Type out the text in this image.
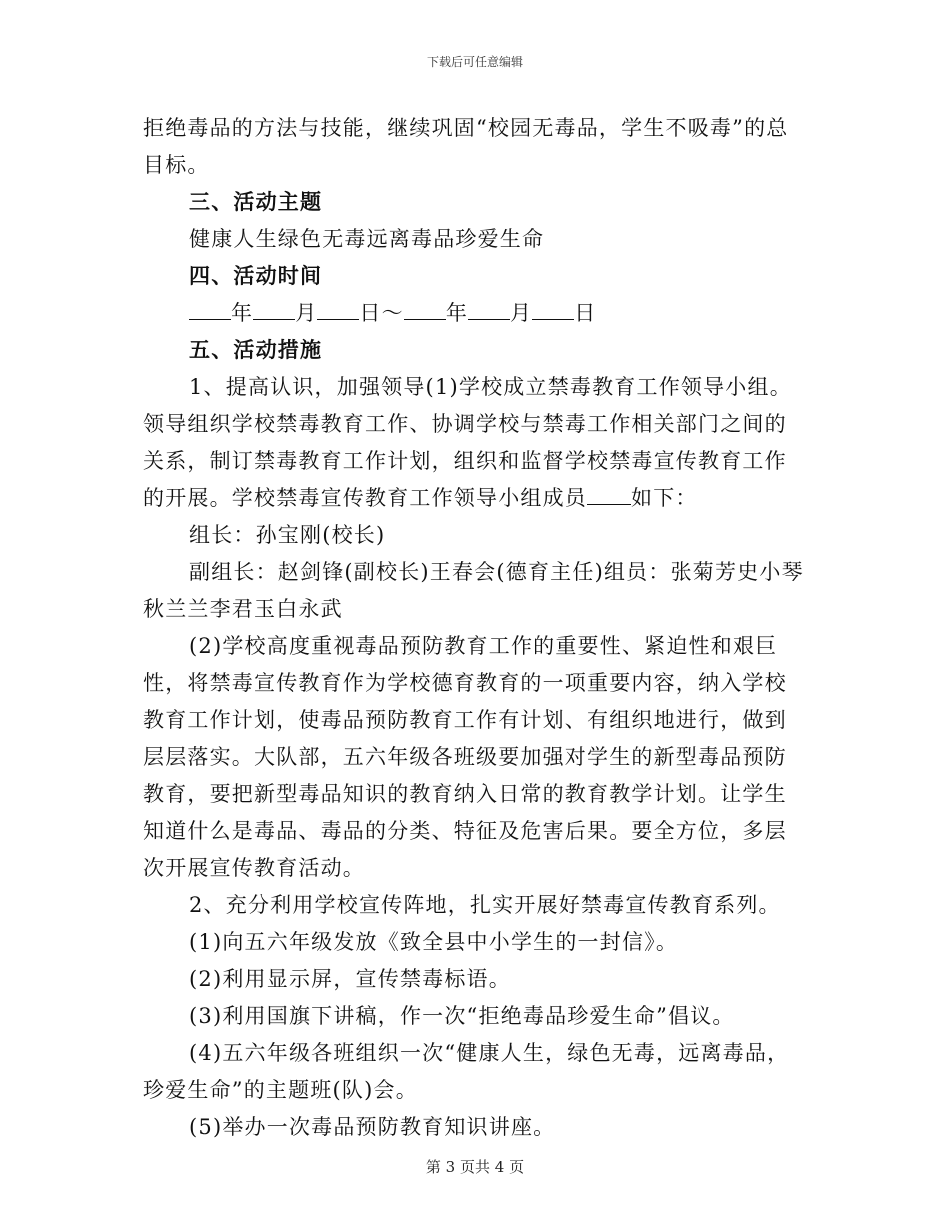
下载后可任意编辑

拒绝毒品的方法与技能，继续巩固“校园无毒品，学生不吸毒”的总目标。

三、活动主题

健康人生绿色无毒远离毒品珍爱生命

四、活动时间

年 月 日～ 年 月 日

五、活动措施

1、提高认识，加强领导(1)学校成立禁毒教育工作领导小组。领导组织学校禁毒教育工作、协调学校与禁毒工作相关部门之间的关系，制订禁毒教育工作计划，组织和监督学校禁毒宣传教育工作的开展。学校禁毒宣传教育工作领导小组成员 如下：

组长：孙宝刚(校长)

副组长：赵剑锋(副校长)王春会(德育主任)组员：张菊芳史小琴秋兰兰李君玉白永武

(2)学校高度重视毒品预防教育工作的重要性、紧迫性和艰巨性，将禁毒宣传教育作为学校德育教育的一项重要内容，纳入学校教育工作计划，使毒品预防教育工作有计划、有组织地进行，做到层层落实。大队部，五六年级各班级要加强对学生的新型毒品预防教育，要把新型毒品知识的教育纳入日常的教育教学计划。让学生知道什么是毒品、毒品的分类、特征及危害后果。要全方位，多层次开展宣传教育活动。

2、充分利用学校宣传阵地，扎实开展好禁毒宣传教育系列。

(1)向五六年级发放《致全县中小学生的一封信》。

(2)利用显示屏，宣传禁毒标语。

(3)利用国旗下讲稿，作一次“拒绝毒品珍爱生命”倡议。

(4)五六年级各班组织一次“健康人生，绿色无毒，远离毒品，珍爱生命”的主题班(队)会。

(5)举办一次毒品预防教育知识讲座。

第 3 页共 4 页
